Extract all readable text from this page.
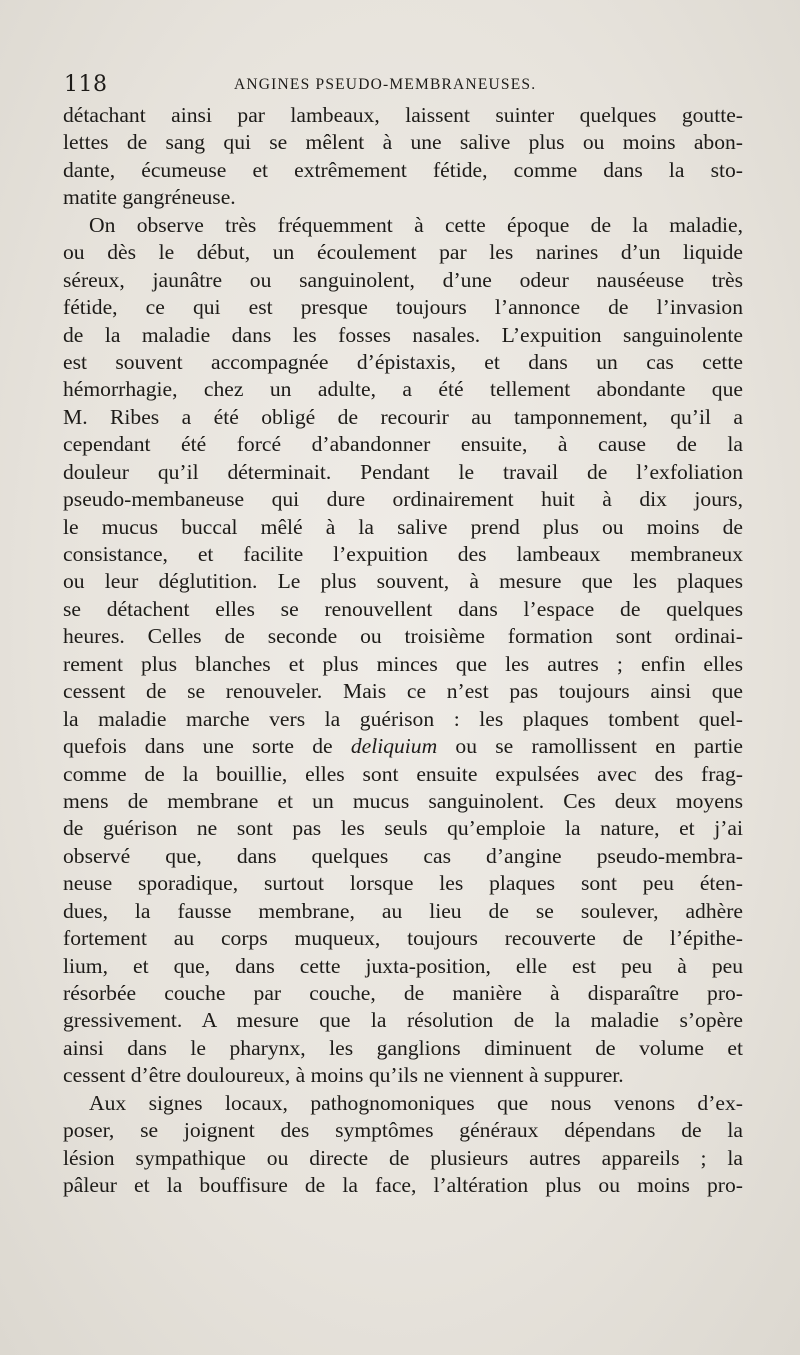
118	ANGINES PSEUDO-MEMBRANEUSES.
détachant ainsi par lambeaux, laissent suinter quelques goutte-
lettes de sang qui se mêlent à une salive plus ou moins abon-
dante, écumeuse et extrêmement fétide, comme dans la sto-
matite gangréneuse.
On observe très fréquemment à cette époque de la maladie,
ou dès le début, un écoulement par les narines d’un liquide
séreux, jaunâtre ou sanguinolent, d’une odeur nauséeuse très
fétide, ce qui est presque toujours l’annonce de l’invasion
de la maladie dans les fosses nasales. L’expuition sanguinolente
est souvent accompagnée d’épistaxis, et dans un cas cette
hémorrhagie, chez un adulte, a été tellement abondante que
M. Ribes a été obligé de recourir au tamponnement, qu’il a
cependant été forcé d’abandonner ensuite, à cause de la
douleur qu’il déterminait. Pendant le travail de l’exfoliation
pseudo-membaneuse qui dure ordinairement huit à dix jours,
le mucus buccal mêlé à la salive prend plus ou moins de
consistance, et facilite l’expuition des lambeaux membraneux
ou leur déglutition. Le plus souvent, à mesure que les plaques
se détachent elles se renouvellent dans l’espace de quelques
heures. Celles de seconde ou troisième formation sont ordinai-
rement plus blanches et plus minces que les autres ; enfin elles
cessent de se renouveler. Mais ce n’est pas toujours ainsi que
la maladie marche vers la guérison : les plaques tombent quel-
quefois dans une sorte de deliquium ou se ramollissent en partie
comme de la bouillie, elles sont ensuite expulsées avec des frag-
mens de membrane et un mucus sanguinolent. Ces deux moyens
de guérison ne sont pas les seuls qu’emploie la nature, et j’ai
observé que, dans quelques cas d’angine pseudo-membra-
neuse sporadique, surtout lorsque les plaques sont peu éten-
dues, la fausse membrane, au lieu de se soulever, adhère
fortement au corps muqueux, toujours recouverte de l’épithe-
lium, et que, dans cette juxta-position, elle est peu à peu
résorbée couche par couche, de manière à disparaître pro-
gressivement. A mesure que la résolution de la maladie s’opère
ainsi dans le pharynx, les ganglions diminuent de volume et
cessent d’être douloureux, à moins qu’ils ne viennent à suppurer.
Aux signes locaux, pathognomoniques que nous venons d’ex-
poser, se joignent des symptômes généraux dépendans de la
lésion sympathique ou directe de plusieurs autres appareils ; la
pâleur et la bouffisure de la face, l’altération plus ou moins pro-
